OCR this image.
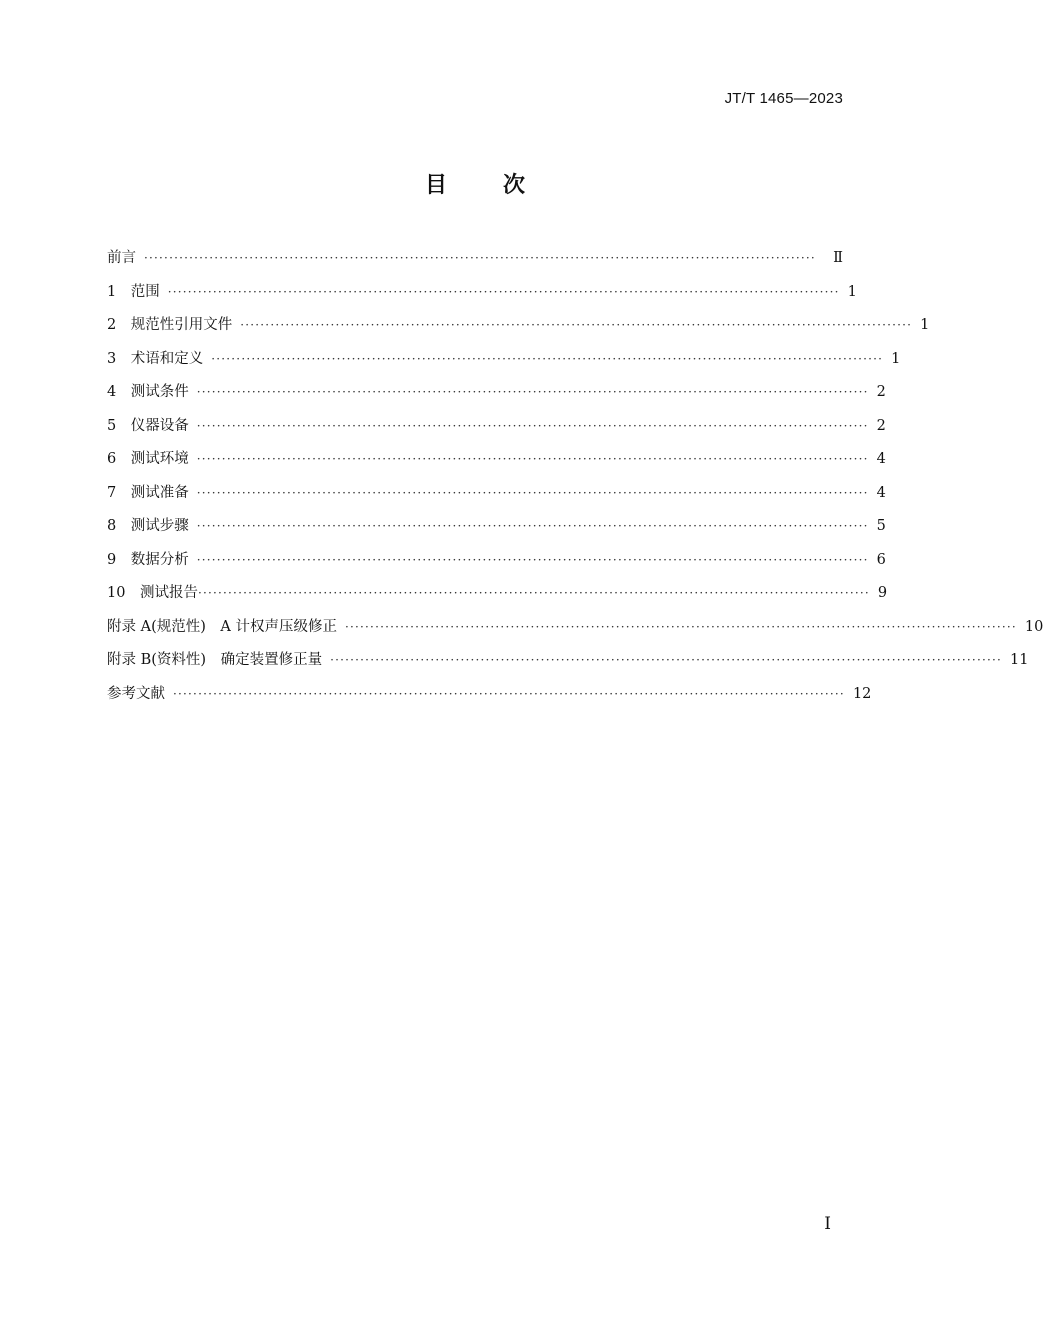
JT/T 1465—2023
目	次
前言 ······································································································································	Ⅱ
1
　 范围 ······································································································································ 1
2
　 规范性引用文件 ······································································································································ 1
3
　 术语和定义 ······································································································································ 1
4
　 测试条件 ······································································································································ 2
5
　 仪器设备 ······································································································································ 2
6
　 测试环境 ······································································································································ 4
7
　 测试准备 ······································································································································ 4
8
　 测试步骤 ······································································································································ 5
9
　 数据分析 ······································································································································ 6
10
　 测试报告 ······································································································································ 9
附录 A(规范性)　A 计权声压级修正 ······································································································································ 10
附录 B(资料性)　确定装置修正量 ······································································································································ 11
参考文献 ······································································································································ 12
Ⅰ
